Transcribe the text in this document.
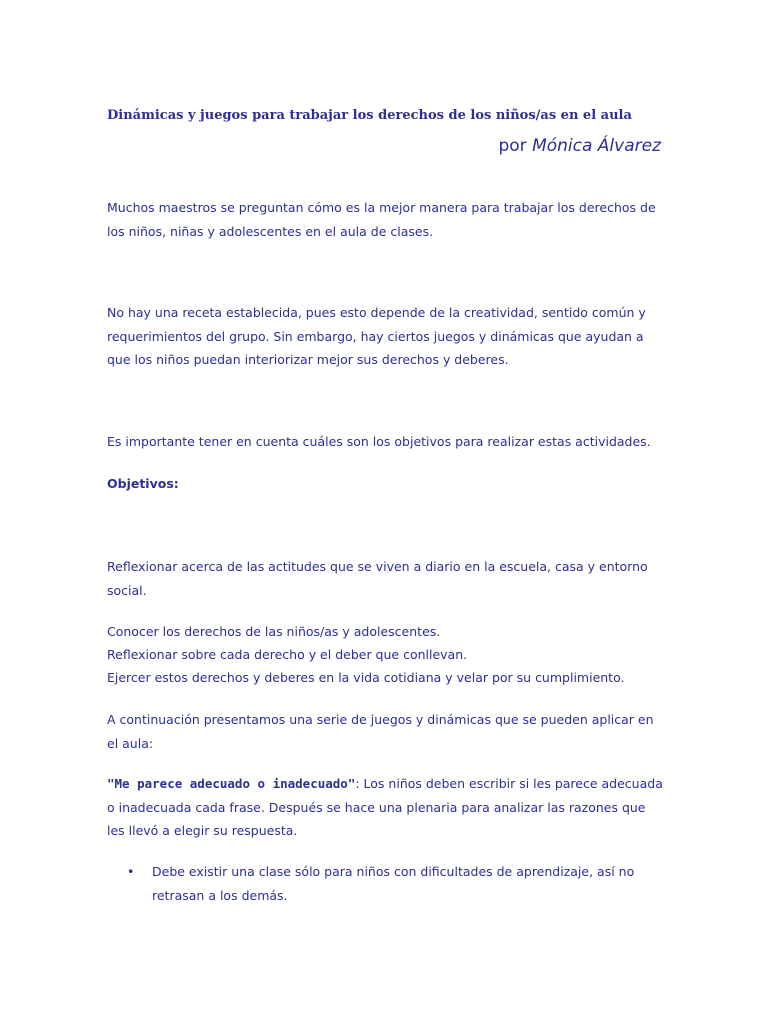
Dinámicas y juegos para trabajar los derechos de los niños/as en el aula
por Mónica Álvarez

Muchos maestros se preguntan cómo es la mejor manera para trabajar los derechos de los niños, niñas y adolescentes en el aula de clases.

No hay una receta establecida, pues esto depende de la creatividad, sentido común y requerimientos del grupo. Sin embargo, hay ciertos juegos y dinámicas que ayudan a que los niños puedan interiorizar mejor sus derechos y deberes.

Es importante tener en cuenta cuáles son los objetivos para realizar estas actividades.

Objetivos:

Reflexionar acerca de las actitudes que se viven a diario en la escuela, casa y entorno social.

Conocer los derechos de las niños/as y adolescentes.

Reflexionar sobre cada derecho y el deber que conllevan.

Ejercer estos derechos y deberes en la vida cotidiana y velar por su cumplimiento.

A continuación presentamos una serie de juegos y dinámicas que se pueden aplicar en el aula:

"Me parece adecuado o inadecuado": Los niños deben escribir si les parece adecuada o inadecuada cada frase. Después se hace una plenaria para analizar las razones que les llevó a elegir su respuesta.

• Debe existir una clase sólo para niños con dificultades de aprendizaje, así no retrasan a los demás.
